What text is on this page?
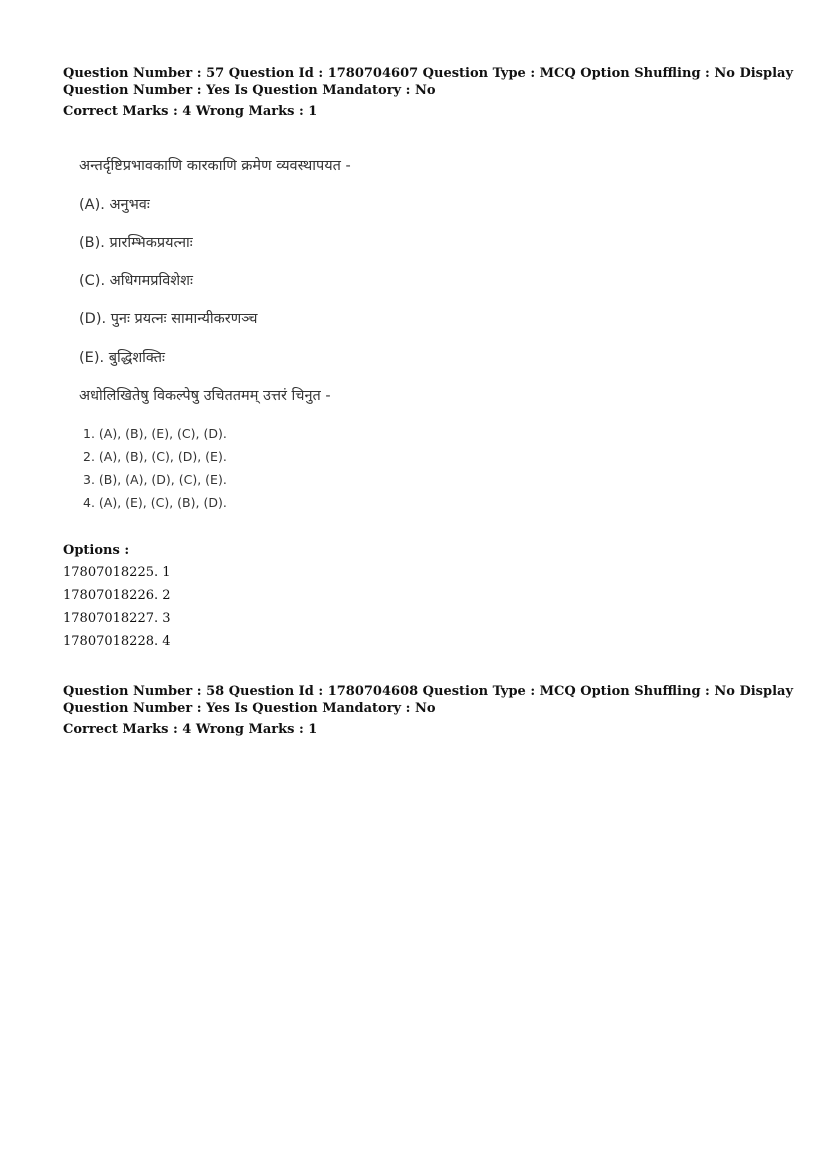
Question Number : 57 Question Id : 1780704607 Question Type : MCQ Option Shuffling : No Display
Question Number : Yes Is Question Mandatory : No
Correct Marks : 4 Wrong Marks : 1
अन्तर्दृष्टिप्रभावकाणि कारकाणि क्रमेण व्यवस्थापयत -
(A). अनुभवः
(B). प्रारम्भिकप्रयत्नाः
(C). अधिगमप्रविशेशः
(D). पुनः प्रयत्नः सामान्यीकरणञ्च
(E). बुद्धिशक्तिः
अधोलिखितेषु विकल्पेषु उचिततमम् उत्तरं चिनुत -
1. (A), (B), (E), (C), (D).
2. (A), (B), (C), (D), (E).
3. (B), (A), (D), (C), (E).
4. (A), (E), (C), (B), (D).
Options :
17807018225. 1
17807018226. 2
17807018227. 3
17807018228. 4
Question Number : 58 Question Id : 1780704608 Question Type : MCQ Option Shuffling : No Display
Question Number : Yes Is Question Mandatory : No
Correct Marks : 4 Wrong Marks : 1
